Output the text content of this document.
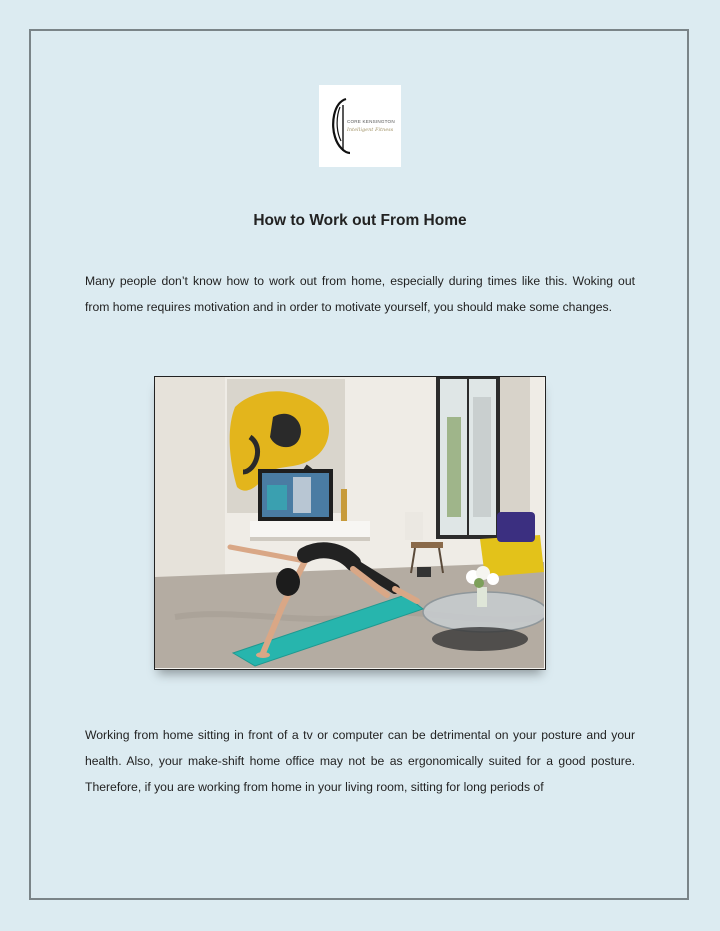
CORE KENSINGTON
Intelligent Fitness
How to Work out From Home

Many people don’t know how to work out from home, especially during times like this. Woking out from home requires motivation and in order to motivate yourself, you should make some changes.

Working from home sitting in front of a tv or computer can be detrimental on your posture and your health. Also, your make-shift home office may not be as ergonomically suited for a good posture. Therefore, if you are working from home in your living room, sitting for long periods of
